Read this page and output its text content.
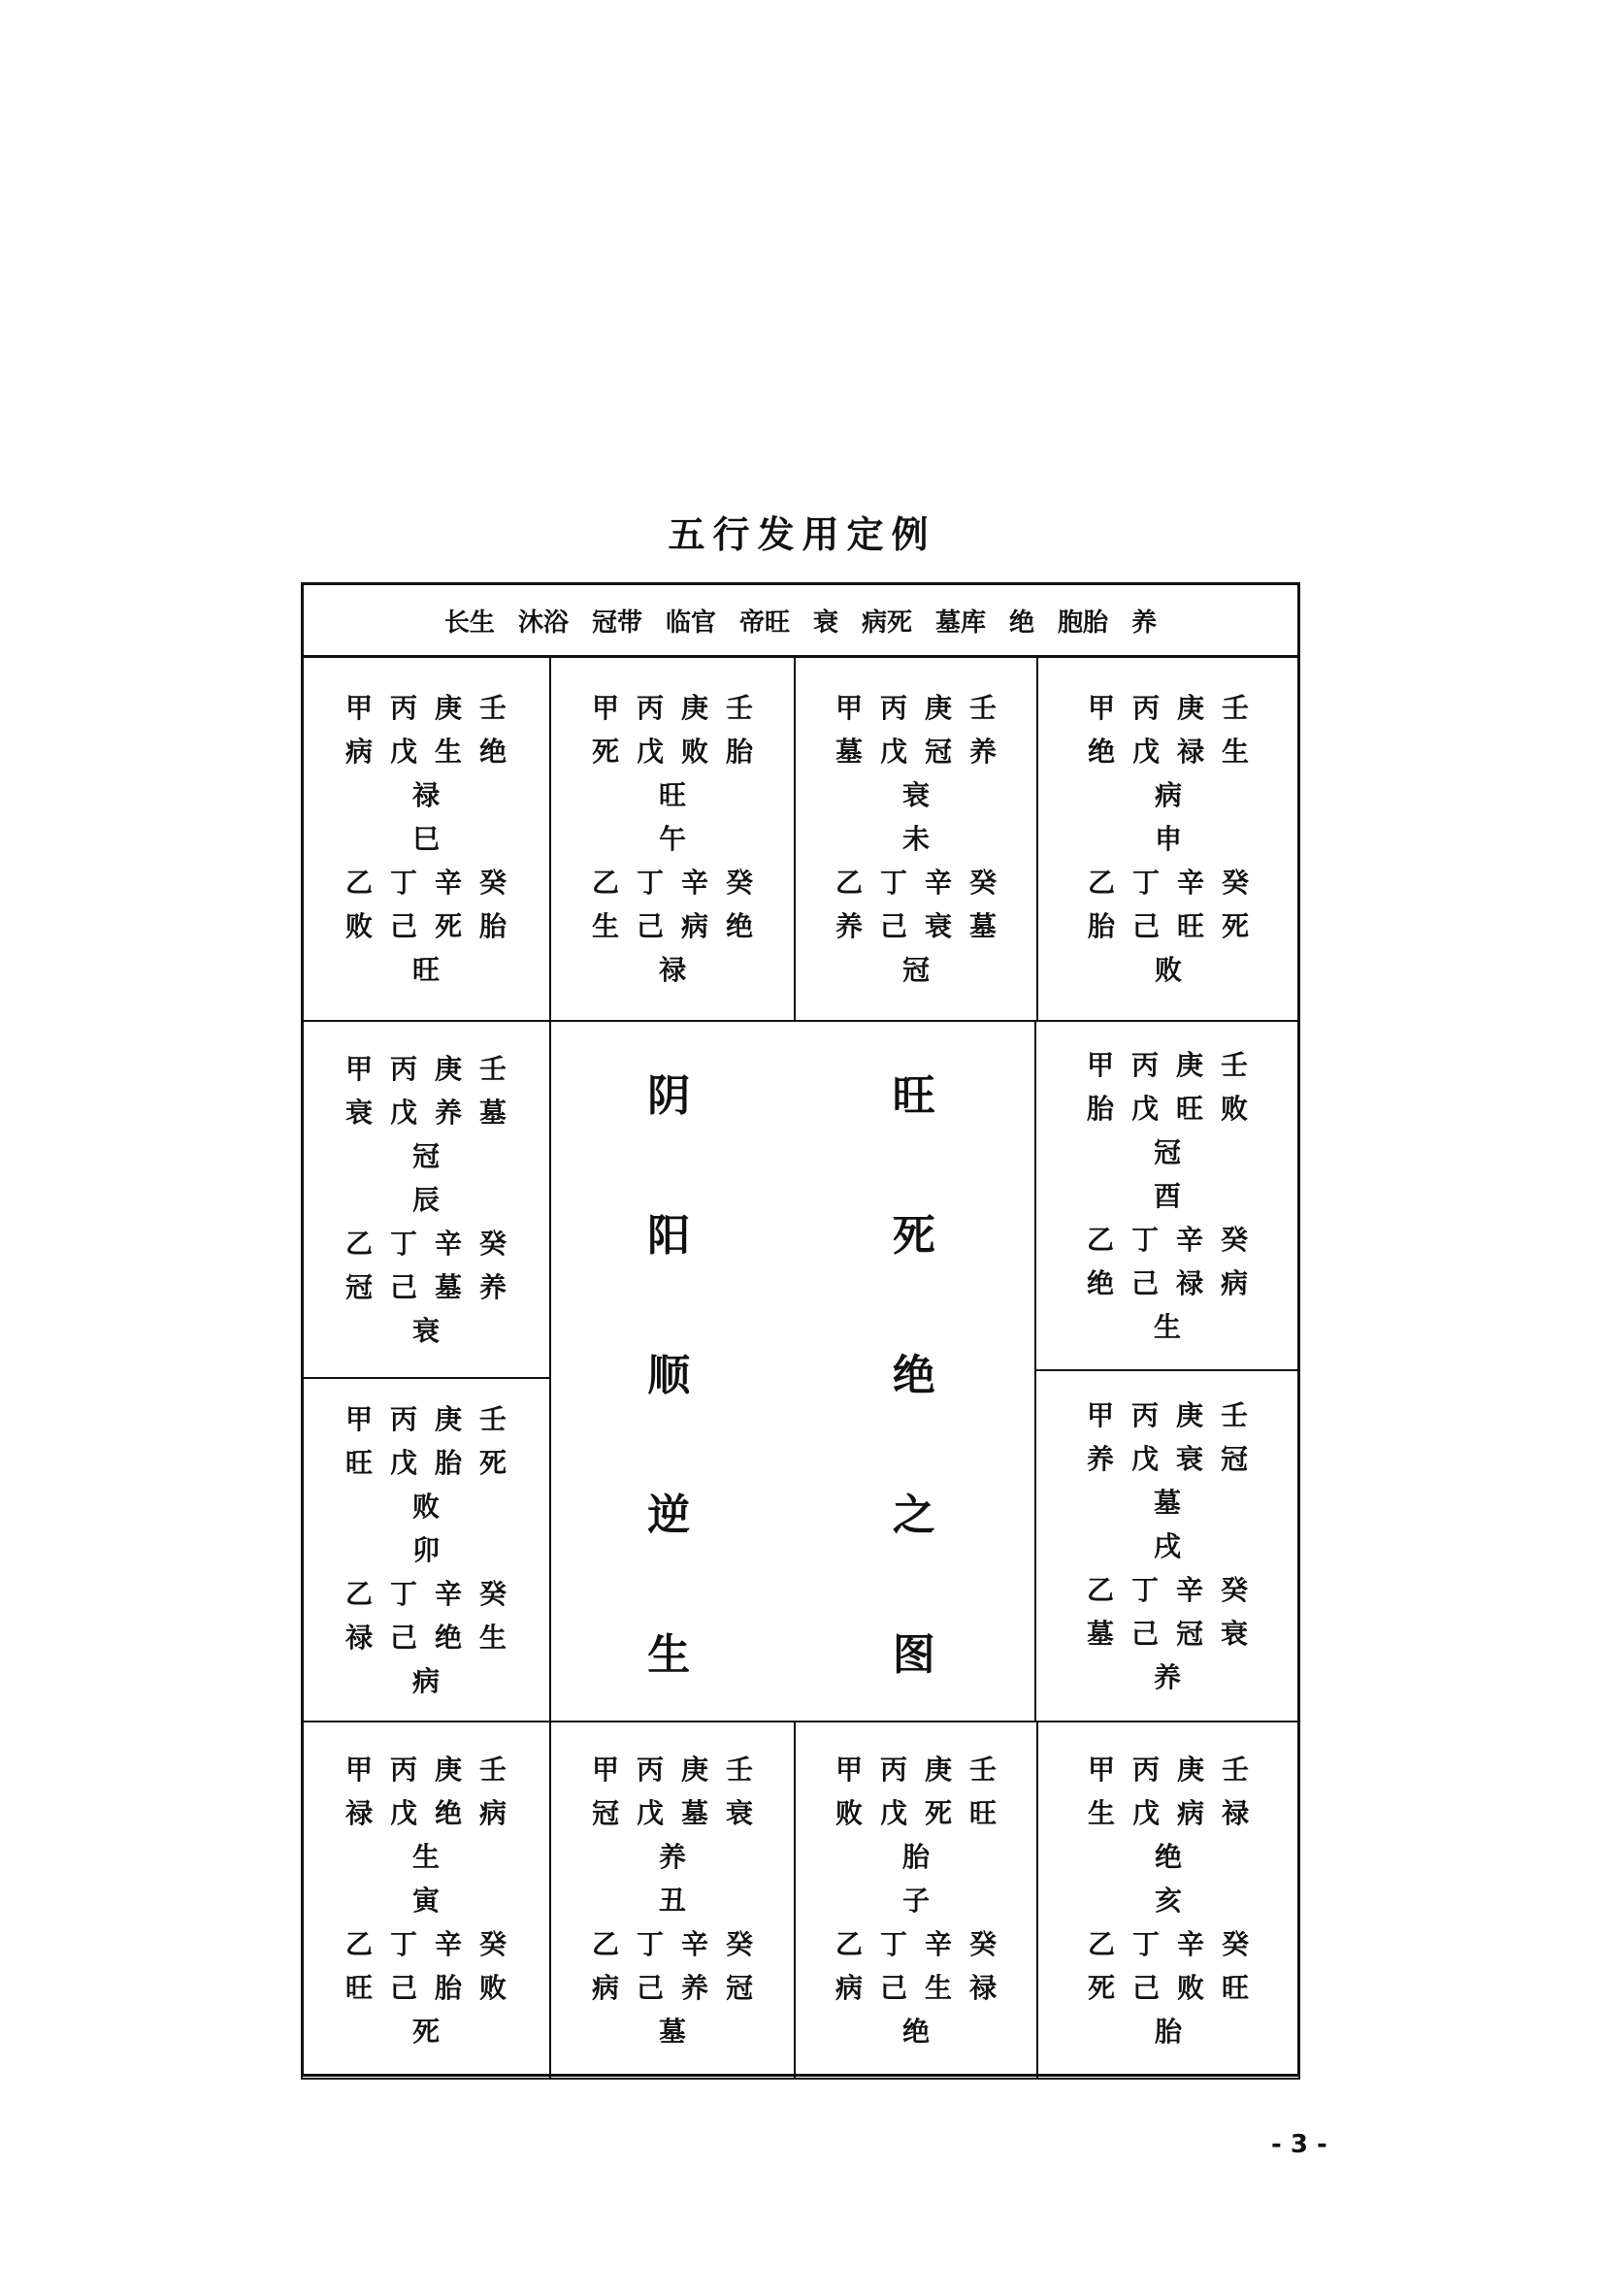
五行发用定例
长生 沐浴 冠带 临官 帝旺 衰 病死 墓库 绝 胞胎 养
甲 丙 庚 壬
病 戊 生 绝
禄
巳
乙 丁 辛 癸
败 己 死 胎
旺
甲 丙 庚 壬
死 戊 败 胎
旺
午
乙 丁 辛 癸
生 己 病 绝
禄
甲 丙 庚 壬
墓 戊 冠 养
衰
未
乙 丁 辛 癸
养 己 衰 墓
冠
甲 丙 庚 壬
绝 戊 禄 生
病
申
乙 丁 辛 癸
胎 己 旺 死
败
甲 丙 庚 壬
衰 戊 养 墓
冠
辰
乙 丁 辛 癸
冠 己 墓 养
衰
甲 丙 庚 壬
胎 戊 旺 败
冠
酉
乙 丁 辛 癸
绝 己 禄 病
生
甲 丙 庚 壬
旺 戊 胎 死
败
卯
乙 丁 辛 癸
禄 己 绝 生
病
甲 丙 庚 壬
养 戊 衰 冠
墓
戌
乙 丁 辛 癸
墓 己 冠 衰
养
甲 丙 庚 壬
禄 戊 绝 病
生
寅
乙 丁 辛 癸
旺 己 胎 败
死
甲 丙 庚 壬
冠 戊 墓 衰
养
丑
乙 丁 辛 癸
病 己 养 冠
墓
甲 丙 庚 壬
败 戊 死 旺
胎
子
乙 丁 辛 癸
病 己 生 禄
绝
甲 丙 庚 壬
生 戊 病 禄
绝
亥
乙 丁 辛 癸
死 己 败 旺
胎
阴	旺
阳	死
顺	绝
逆	之
生	图
- 3 -
